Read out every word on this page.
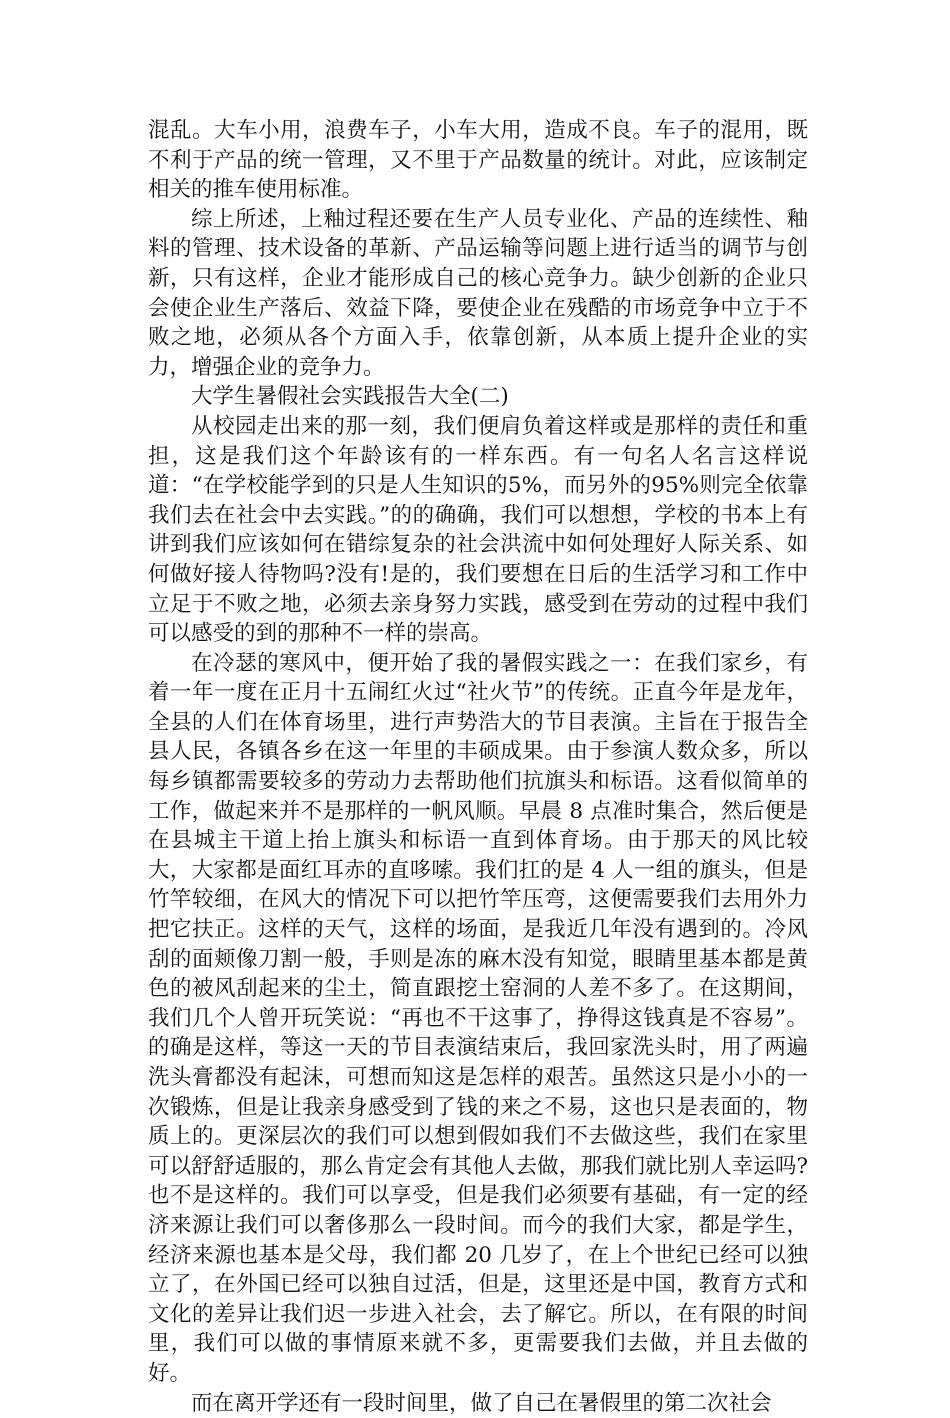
混乱。大车小用，浪费车子，小车大用，造成不良。车子的混用，既不利于产品的统一管理，又不里于产品数量的统计。对此，应该制定相关的推车使用标准。

综上所述，上釉过程还要在生产人员专业化、产品的连续性、釉料的管理、技术设备的革新、产品运输等问题上进行适当的调节与创新，只有这样，企业才能形成自己的核心竞争力。缺少创新的企业只会使企业生产落后、效益下降，要使企业在残酷的市场竞争中立于不败之地，必须从各个方面入手，依靠创新，从本质上提升企业的实力，增强企业的竞争力。

大学生暑假社会实践报告大全(二)

从校园走出来的那一刻，我们便肩负着这样或是那样的责任和重担，这是我们这个年龄该有的一样东西。有一句名人名言这样说道：“在学校能学到的只是人生知识的5%，而另外的95%则完全依靠我们去在社会中去实践。”的的确确，我们可以想想，学校的书本上有讲到我们应该如何在错综复杂的社会洪流中如何处理好人际关系、如何做好接人待物吗?没有!是的，我们要想在日后的生活学习和工作中立足于不败之地，必须去亲身努力实践，感受到在劳动的过程中我们可以感受的到的那种不一样的崇高。

在冷瑟的寒风中，便开始了我的暑假实践之一：在我们家乡，有着一年一度在正月十五闹红火过“社火节”的传统。正直今年是龙年，全县的人们在体育场里，进行声势浩大的节目表演。主旨在于报告全县人民，各镇各乡在这一年里的丰硕成果。由于参演人数众多，所以每乡镇都需要较多的劳动力去帮助他们抗旗头和标语。这看似简单的工作，做起来并不是那样的一帆风顺。早晨 8 点准时集合，然后便是在县城主干道上抬上旗头和标语一直到体育场。由于那天的风比较大，大家都是面红耳赤的直哆嗦。我们扛的是 4 人一组的旗头，但是竹竿较细，在风大的情况下可以把竹竿压弯，这便需要我们去用外力把它扶正。这样的天气，这样的场面，是我近几年没有遇到的。冷风刮的面颊像刀割一般，手则是冻的麻木没有知觉，眼睛里基本都是黄色的被风刮起来的尘土，简直跟挖土窑洞的人差不多了。在这期间，我们几个人曾开玩笑说：“再也不干这事了，挣得这钱真是不容易”。的确是这样，等这一天的节目表演结束后，我回家洗头时，用了两遍洗头膏都没有起沫，可想而知这是怎样的艰苦。虽然这只是小小的一次锻炼，但是让我亲身感受到了钱的来之不易，这也只是表面的，物质上的。更深层次的我们可以想到假如我们不去做这些，我们在家里可以舒舒适服的，那么肯定会有其他人去做，那我们就比别人幸运吗?也不是这样的。我们可以享受，但是我们必须要有基础，有一定的经济来源让我们可以奢侈那么一段时间。而今的我们大家，都是学生，经济来源也基本是父母，我们都 20 几岁了，在上个世纪已经可以独立了，在外国已经可以独自过活，但是，这里还是中国，教育方式和文化的差异让我们迟一步进入社会，去了解它。所以，在有限的时间里，我们可以做的事情原来就不多，更需要我们去做，并且去做的好。

而在离开学还有一段时间里，做了自己在暑假里的第二次社会
